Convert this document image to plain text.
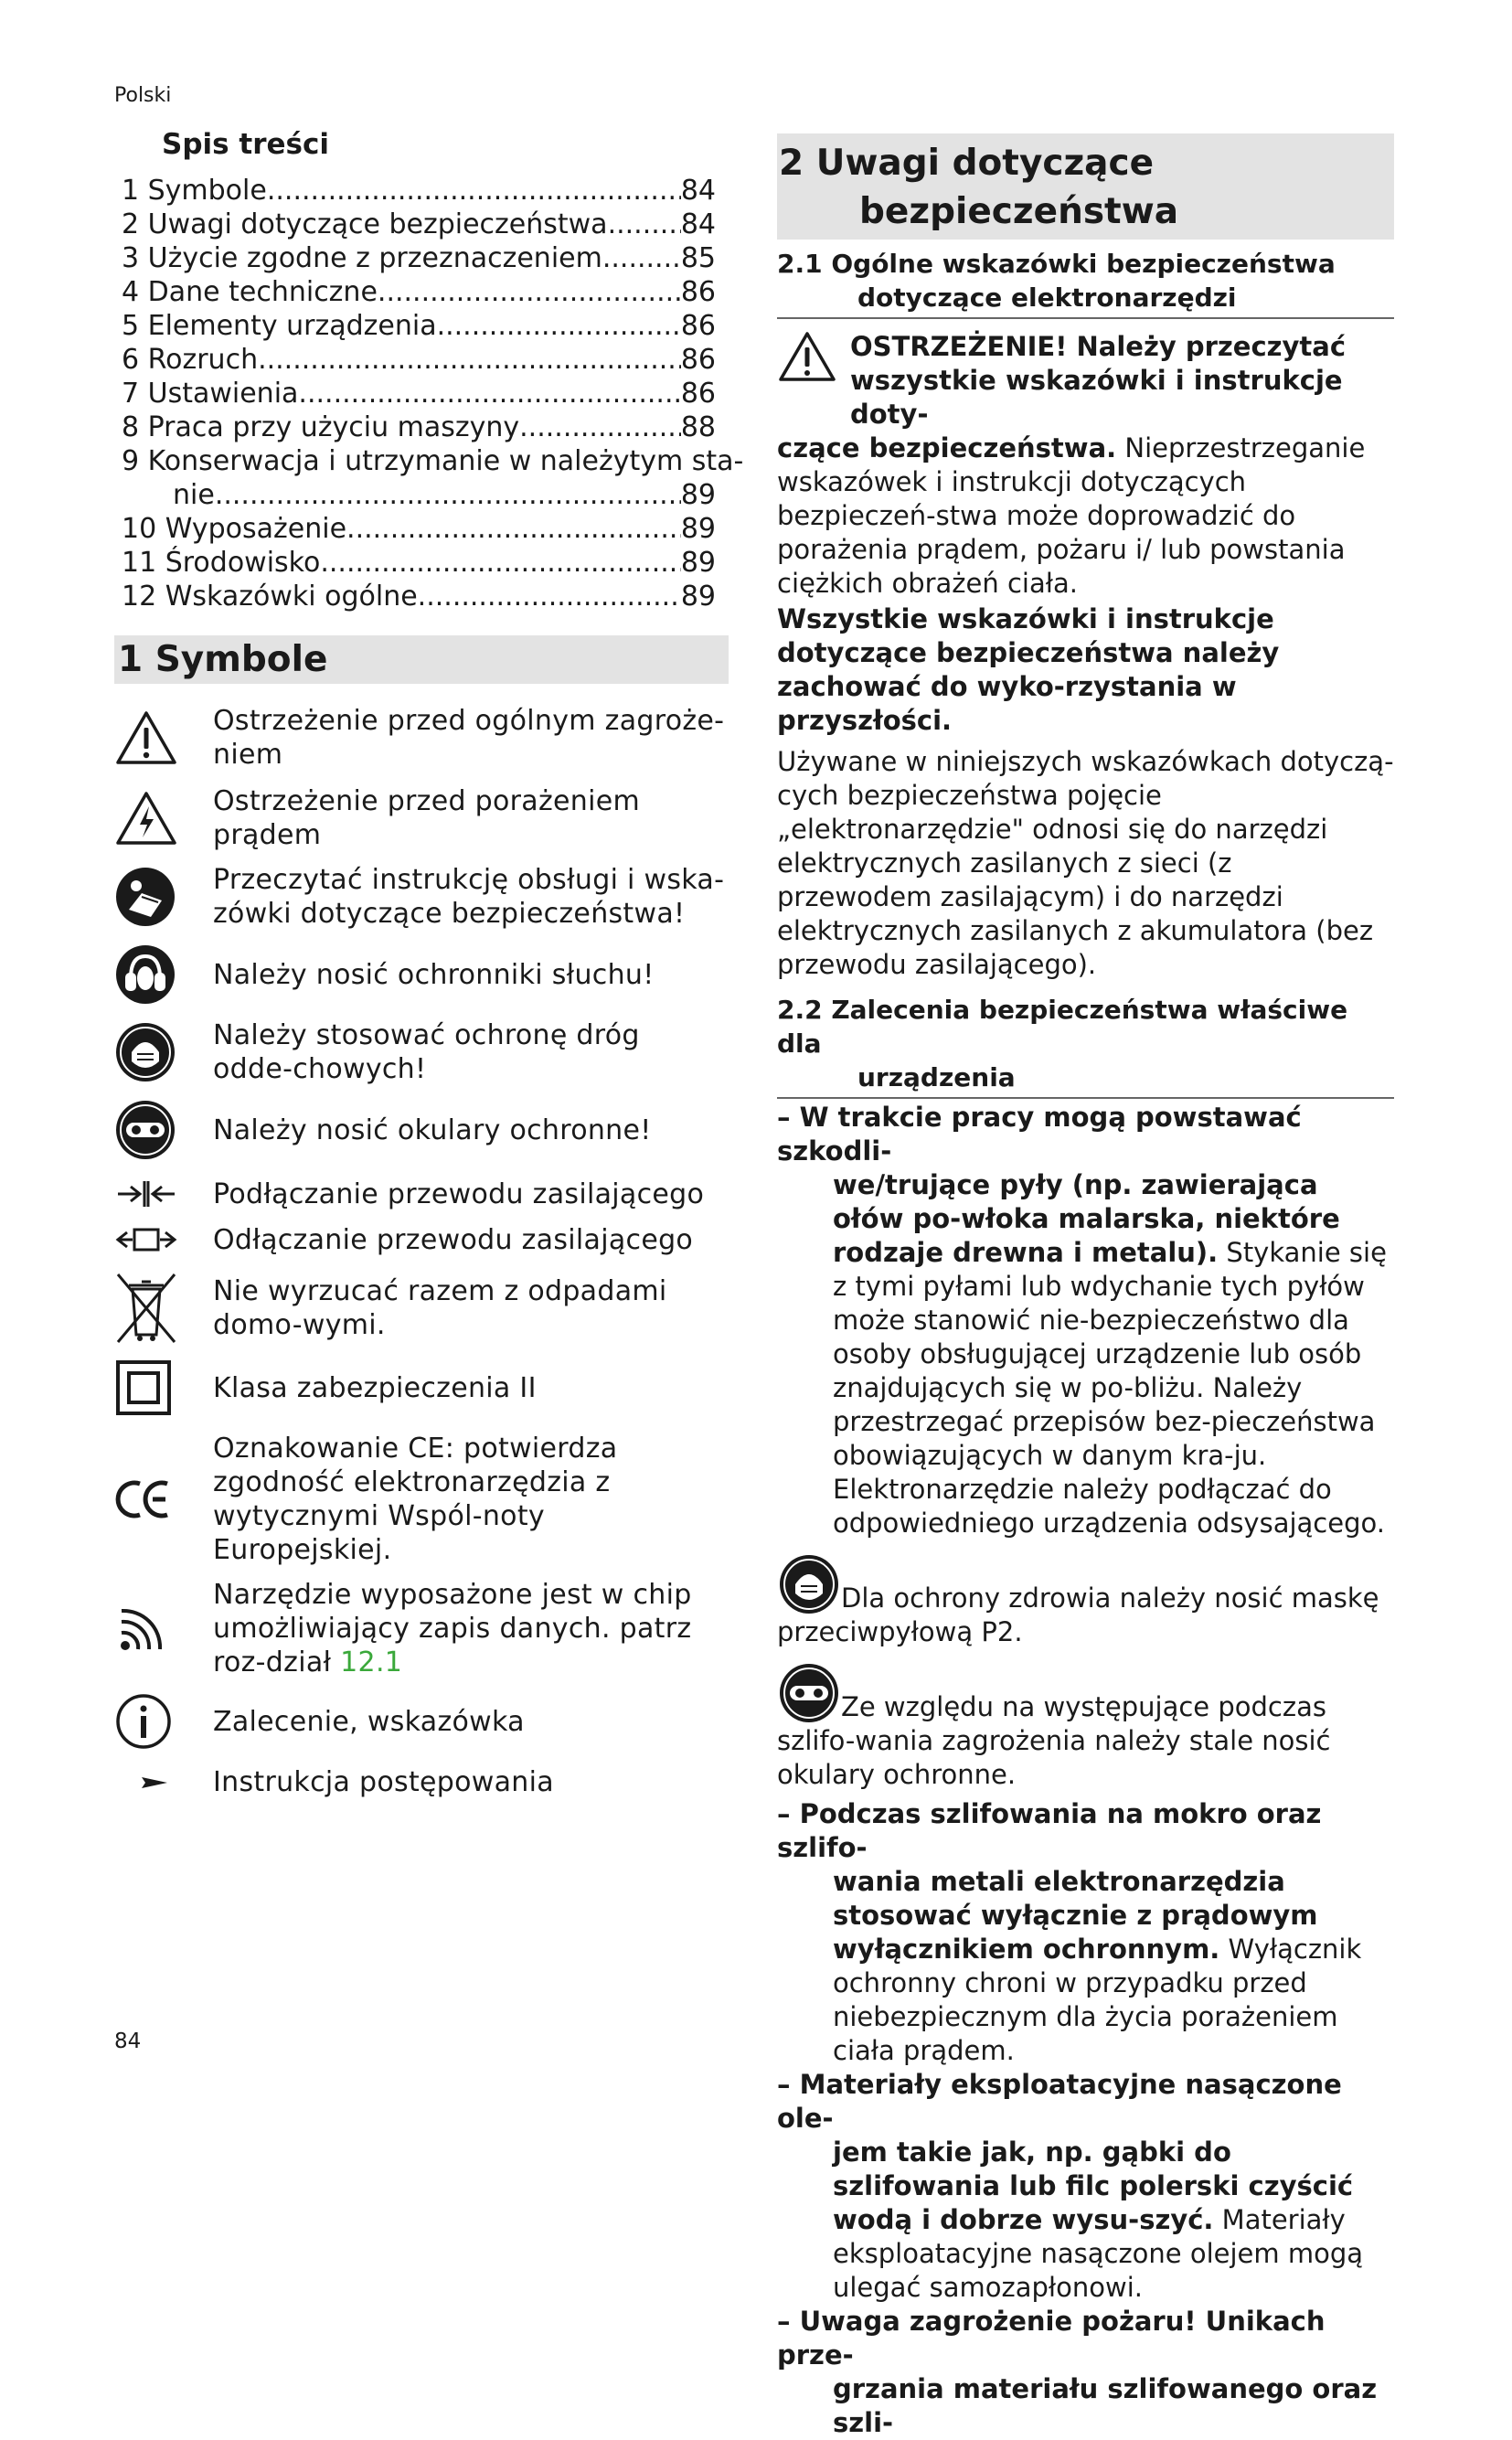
Polski
Spis treści
1 Symbole .....	84
2 Uwagi dotyczące bezpieczeństwa .....	84
3 Użycie zgodne z przeznaczeniem .....	85
4 Dane techniczne .....	86
5 Elementy urządzenia .....	86
6 Rozruch .....	86
7 Ustawienia .....	86
8 Praca przy użyciu maszyny .....	88
9 Konserwacja i utrzymanie w należytym sta-
nie .....	89
10 Wyposażenie .....	89
11 Środowisko .....	89
12 Wskazówki ogólne .....	89
1 Symbole
Ostrzeżenie przed ogólnym zagroże-niem
Ostrzeżenie przed porażeniem prądem
Przeczytać instrukcję obsługi i wska-zówki dotyczące bezpieczeństwa!
Należy nosić ochronniki słuchu!
Należy stosować ochronę dróg odde-chowych!
Należy nosić okulary ochronne!
Podłączanie przewodu zasilającego
Odłączanie przewodu zasilającego
Nie wyrzucać razem z odpadami domo-wymi.
Klasa zabezpieczenia II
Oznakowanie CE: potwierdza zgodność elektronarzędzia z wytycznymi Wspól-noty Europejskiej.
Narzędzie wyposażone jest w chip umożliwiający zapis danych. patrz roz-dział 12.1
Zalecenie, wskazówka
Instrukcja postępowania
2 Uwagi dotyczące
bezpieczeństwa
2.1 Ogólne wskazówki bezpieczeństwa
dotyczące elektronarzędzi
OSTRZEŻENIE! Należy przeczytać
wszystkie wskazówki i instrukcje doty-

czące bezpieczeństwa. Nieprzestrzeganie wskazówek i instrukcji dotyczących bezpieczeń-stwa może doprowadzić do porażenia prądem, pożaru i/ lub powstania ciężkich obrażeń ciała.

Wszystkie wskazówki i instrukcje dotyczące bezpieczeństwa należy zachować do wyko-rzystania w przyszłości.

Używane w niniejszych wskazówkach dotyczą-cych bezpieczeństwa pojęcie „elektronarzędzie" odnosi się do narzędzi elektrycznych zasilanych z sieci (z przewodem zasilającym) i do narzędzi elektrycznych zasilanych z akumulatora (bez przewodu zasilającego).

2.2 Zalecenia bezpieczeństwa właściwe dla
urządzenia

– W trakcie pracy mogą powstawać szkodli-
we/trujące pyły (np. zawierająca ołów po-włoka malarska, niektóre rodzaje drewna i metalu). Stykanie się z tymi pyłami lub wdychanie tych pyłów może stanowić nie-bezpieczeństwo dla osoby obsługującej urządzenie lub osób znajdujących się w po-bliżu. Należy przestrzegać przepisów bez-pieczeństwa obowiązujących w danym kra-ju. Elektronarzędzie należy podłączać do odpowiedniego urządzenia odsysającego.

Dla ochrony zdrowia należy nosić maskę przeciwpyłową P2.
Ze względu na występujące podczas szlifo-wania zagrożenia należy stale nosić okulary ochronne.

– Podczas szlifowania na mokro oraz szlifo-
wania metali elektronarzędzia stosować wyłącznie z prądowym wyłącznikiem ochronnym. Wyłącznik ochronny chroni w przypadku przed niebezpiecznym dla życia porażeniem ciała prądem.

– Materiały eksploatacyjne nasączone ole-
jem takie jak, np. gąbki do szlifowania lub filc polerski czyścić wodą i dobrze wysu-szyć. Materiały eksploatacyjne nasączone olejem mogą ulegać samozapłonowi.

– Uwaga zagrożenie pożaru! Unikach prze-
grzania materiału szlifowanego oraz szli-

84
